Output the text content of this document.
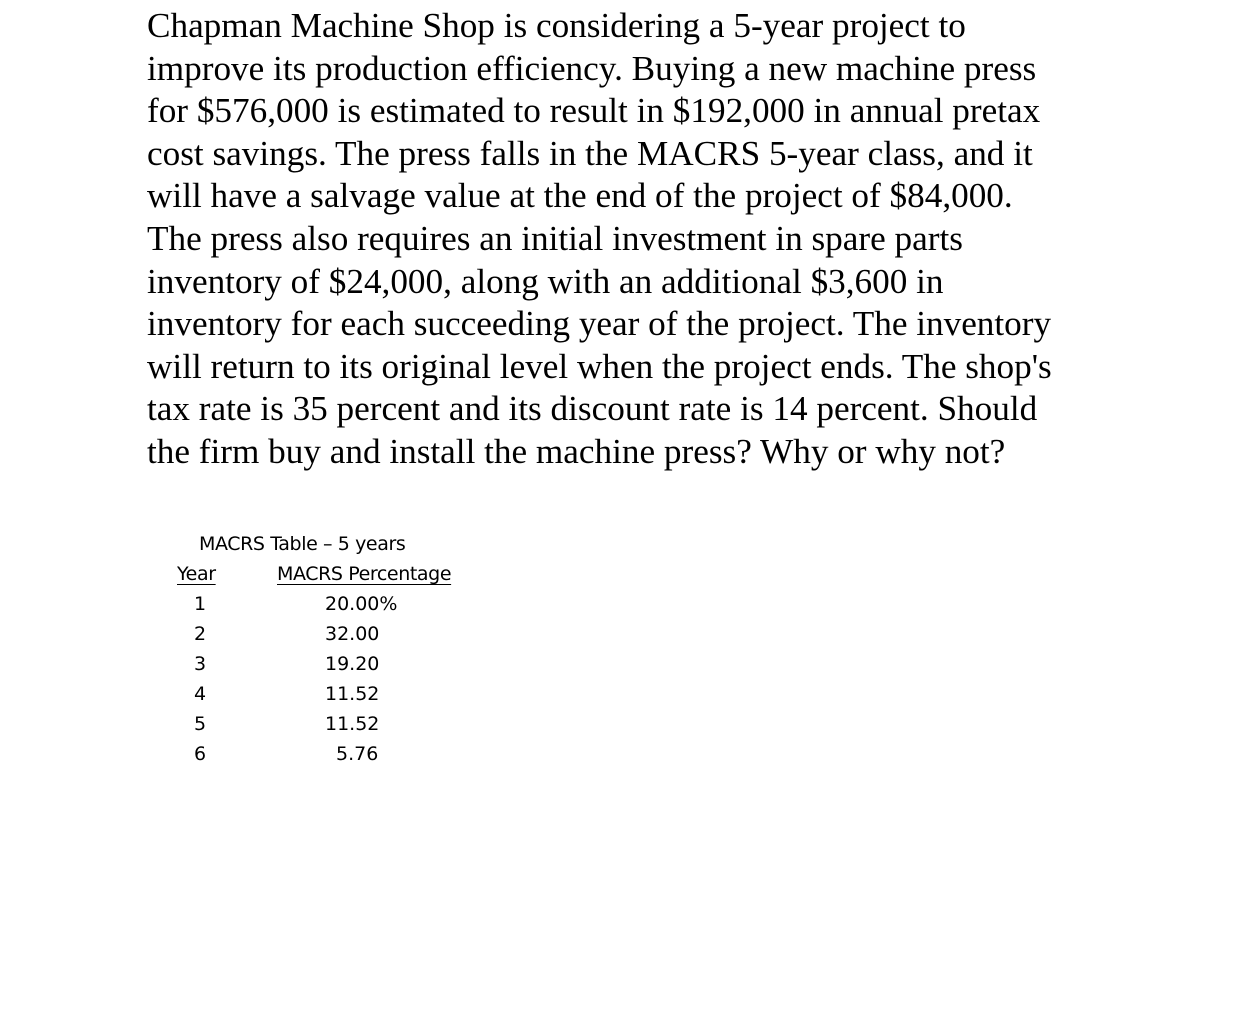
Chapman Machine Shop is considering a 5-year project to
improve its production efficiency. Buying a new machine press
for $576,000 is estimated to result in $192,000 in annual pretax
cost savings. The press falls in the MACRS 5-year class, and it
will have a salvage value at the end of the project of $84,000.
The press also requires an initial investment in spare parts
inventory of $24,000, along with an additional $3,600 in
inventory for each succeeding year of the project. The inventory
will return to its original level when the project ends. The shop's
tax rate is 35 percent and its discount rate is 14 percent. Should
the firm buy and install the machine press? Why or why not?
MACRS Table – 5 years
Year	MACRS Percentage
1	20.00%
2	32.00
3	19.20
4	11.52
5	11.52
6	5.76
